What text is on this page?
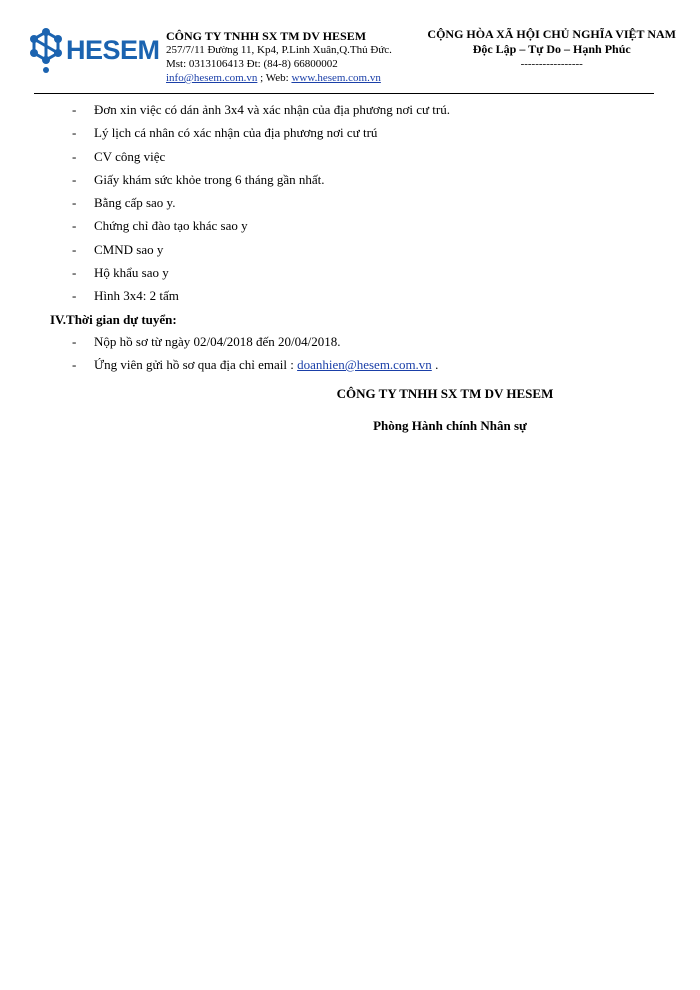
HESEM CÔNG TY TNHH SX TM DV HESEM
257/7/11 Đường 11, Kp4, P.Linh Xuân,Q.Thủ Đức.
Mst: 0313106413 Đt: (84-8) 66800002
info@hesem.com.vn ; Web: www.hesem.com.vn
CỘNG HÒA XÃ HỘI CHỦ NGHĨA VIỆT NAM
Độc Lập – Tự Do – Hạnh Phúc
-----------------
- Đơn xin việc có dán ảnh 3x4 và xác nhận của địa phương nơi cư trú.
- Lý lịch cá nhân có xác nhận của địa phương nơi cư trú
- CV công việc
- Giấy khám sức khỏe trong 6 tháng gần nhất.
- Bằng cấp sao y.
- Chứng chỉ đào tạo khác sao y
- CMND sao y
- Hộ khẩu sao y
- Hình 3x4: 2 tấm
IV.Thời gian dự tuyển:
- Nộp hồ sơ từ ngày 02/04/2018 đến 20/04/2018.
- Ứng viên gửi hồ sơ qua địa chỉ email : doanhien@hesem.com.vn .
CÔNG TY TNHH SX TM DV HESEM
Phòng Hành chính Nhân sự
